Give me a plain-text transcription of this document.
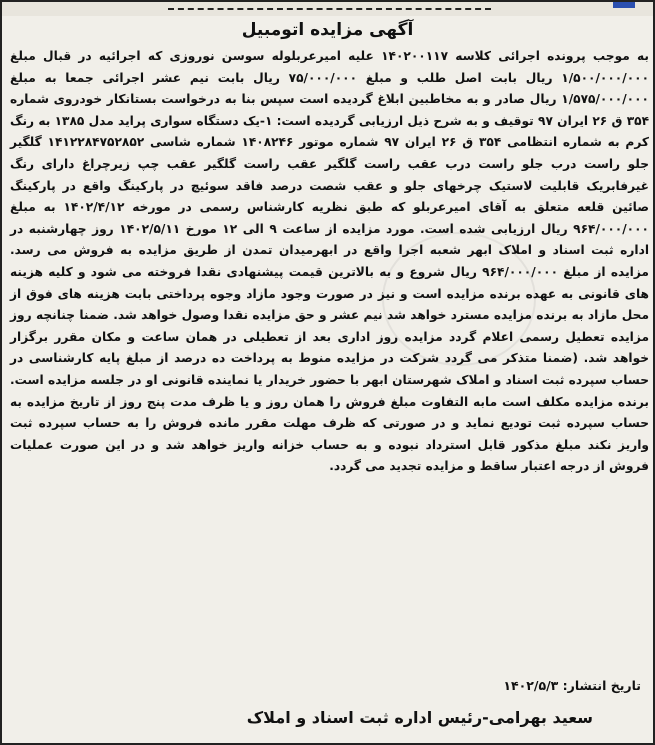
آگهی مزایده اتومبیل

به موجب پرونده اجرائی کلاسه ۱۴۰۲۰۰۱۱۷ علیه امیرعربلوله سوسن نوروزی که اجرائیه در قبال مبلغ ۱/۵۰۰/۰۰۰/۰۰۰ ریال بابت اصل طلب و مبلغ ۷۵/۰۰۰/۰۰۰ ریال بابت نیم عشر اجرائی جمعا به مبلغ ۱/۵۷۵/۰۰۰/۰۰۰ ریال صادر و به مخاطبین ابلاغ گردیده است سپس بنا به درخواست بستانکار خودروی شماره ۳۵۴ ق ۲۶ ایران ۹۷ توقیف و به شرح ذیل ارزیابی گردیده است: ۱-یک دستگاه سواری پراید مدل ۱۳۸۵ به رنگ کرم به شماره انتظامی ۳۵۴ ق ۲۶ ایران ۹۷ شماره موتور ۱۴۰۸۲۴۶ شماره شاسی ۱۴۱۲۲۸۴۷۵۲۸۵۲ گلگیر جلو راست درب جلو راست درب عقب راست گلگیر عقب راست گلگیر عقب چپ زیرچراغ دارای رنگ غیرفابریک قابلیت لاستیک چرخهای جلو و عقب شصت درصد فاقد سوئیچ در پارکینگ واقع در پارکینگ صائین قلعه متعلق به آقای امیرعربلو که طبق نظریه کارشناس رسمی در مورخه ۱۴۰۲/۴/۱۲ به مبلغ ۹۶۴/۰۰۰/۰۰۰ ریال ارزیابی شده است. مورد مزایده از ساعت ۹ الی ۱۲ مورخ ۱۴۰۲/۵/۱۱ روز چهارشنبه در اداره ثبت اسناد و املاک ابهر شعبه اجرا واقع در ابهرمیدان تمدن از طریق مزایده به فروش می رسد. مزایده از مبلغ ۹۶۴/۰۰۰/۰۰۰ ریال شروع و به بالاترین قیمت پیشنهادی نقدا فروخته می شود و کلیه هزینه های قانونی به عهده برنده مزایده است و نیز در صورت وجود مازاد وجوه پرداختی بابت هزینه های فوق از محل مازاد به برنده مزایده مسترد خواهد شد نیم عشر و حق مزایده نقدا وصول خواهد شد. ضمنا چنانچه روز مزایده تعطیل رسمی اعلام گردد مزایده روز اداری بعد از تعطیلی در همان ساعت و مکان مقرر برگزار خواهد شد. (ضمنا متذکر می گردد شرکت در مزایده منوط به پرداخت ده درصد از مبلغ پایه کارشناسی در حساب سپرده ثبت اسناد و املاک شهرستان ابهر با حضور خریدار یا نماینده قانونی او در جلسه مزایده است. برنده مزایده مکلف است مابه التفاوت مبلغ فروش را همان روز و یا ظرف مدت پنج روز از تاریخ مزایده به حساب سپرده ثبت تودیع نماید و در صورتی که ظرف مهلت مقرر مانده فروش را به حساب سپرده ثبت واریز نکند مبلغ مذکور قابل استرداد نبوده و به حساب خزانه واریز خواهد شد و در این صورت عملیات فروش از درجه اعتبار ساقط و مزایده تجدید می گردد.

تاریخ انتشار: ۱۴۰۲/۵/۳
سعید بهرامی-رئیس اداره ثبت اسناد و املاک
